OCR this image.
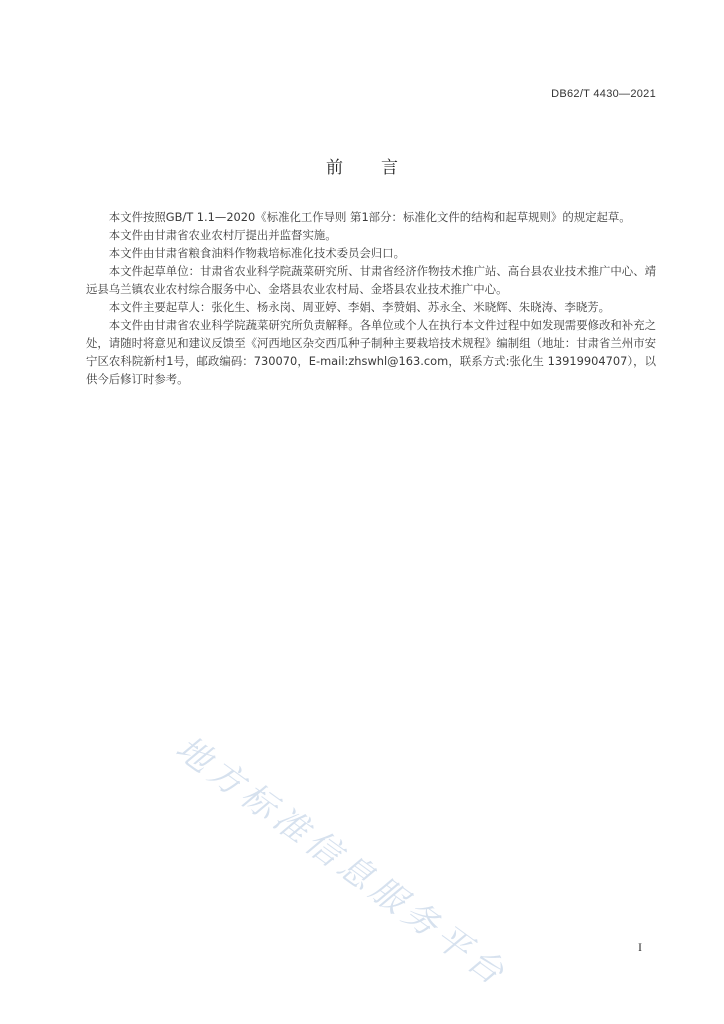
DB62/T 4430—2021
前言

本文件按照GB/T 1.1—2020《标准化工作导则 第1部分：标准化文件的结构和起草规则》的规定起草。

本文件由甘肃省农业农村厅提出并监督实施。

本文件由甘肃省粮食油料作物栽培标准化技术委员会归口。

本文件起草单位：甘肃省农业科学院蔬菜研究所、甘肃省经济作物技术推广站、高台县农业技术推广中心、靖远县乌兰镇农业农村综合服务中心、金塔县农业农村局、金塔县农业技术推广中心。

本文件主要起草人：张化生、杨永岗、周亚婷、李娟、李赞娟、苏永全、米晓辉、朱晓涛、李晓芳。

本文件由甘肃省农业科学院蔬菜研究所负责解释。各单位或个人在执行本文件过程中如发现需要修改和补充之处，请随时将意见和建议反馈至《河西地区杂交西瓜种子制种主要栽培技术规程》编制组（地址：甘肃省兰州市安宁区农科院新村1号，邮政编码：730070，E-mail:zhswhl@163.com，联系方式:张化生 13919904707），以供今后修订时参考。

地方标准信息服务平台	I
